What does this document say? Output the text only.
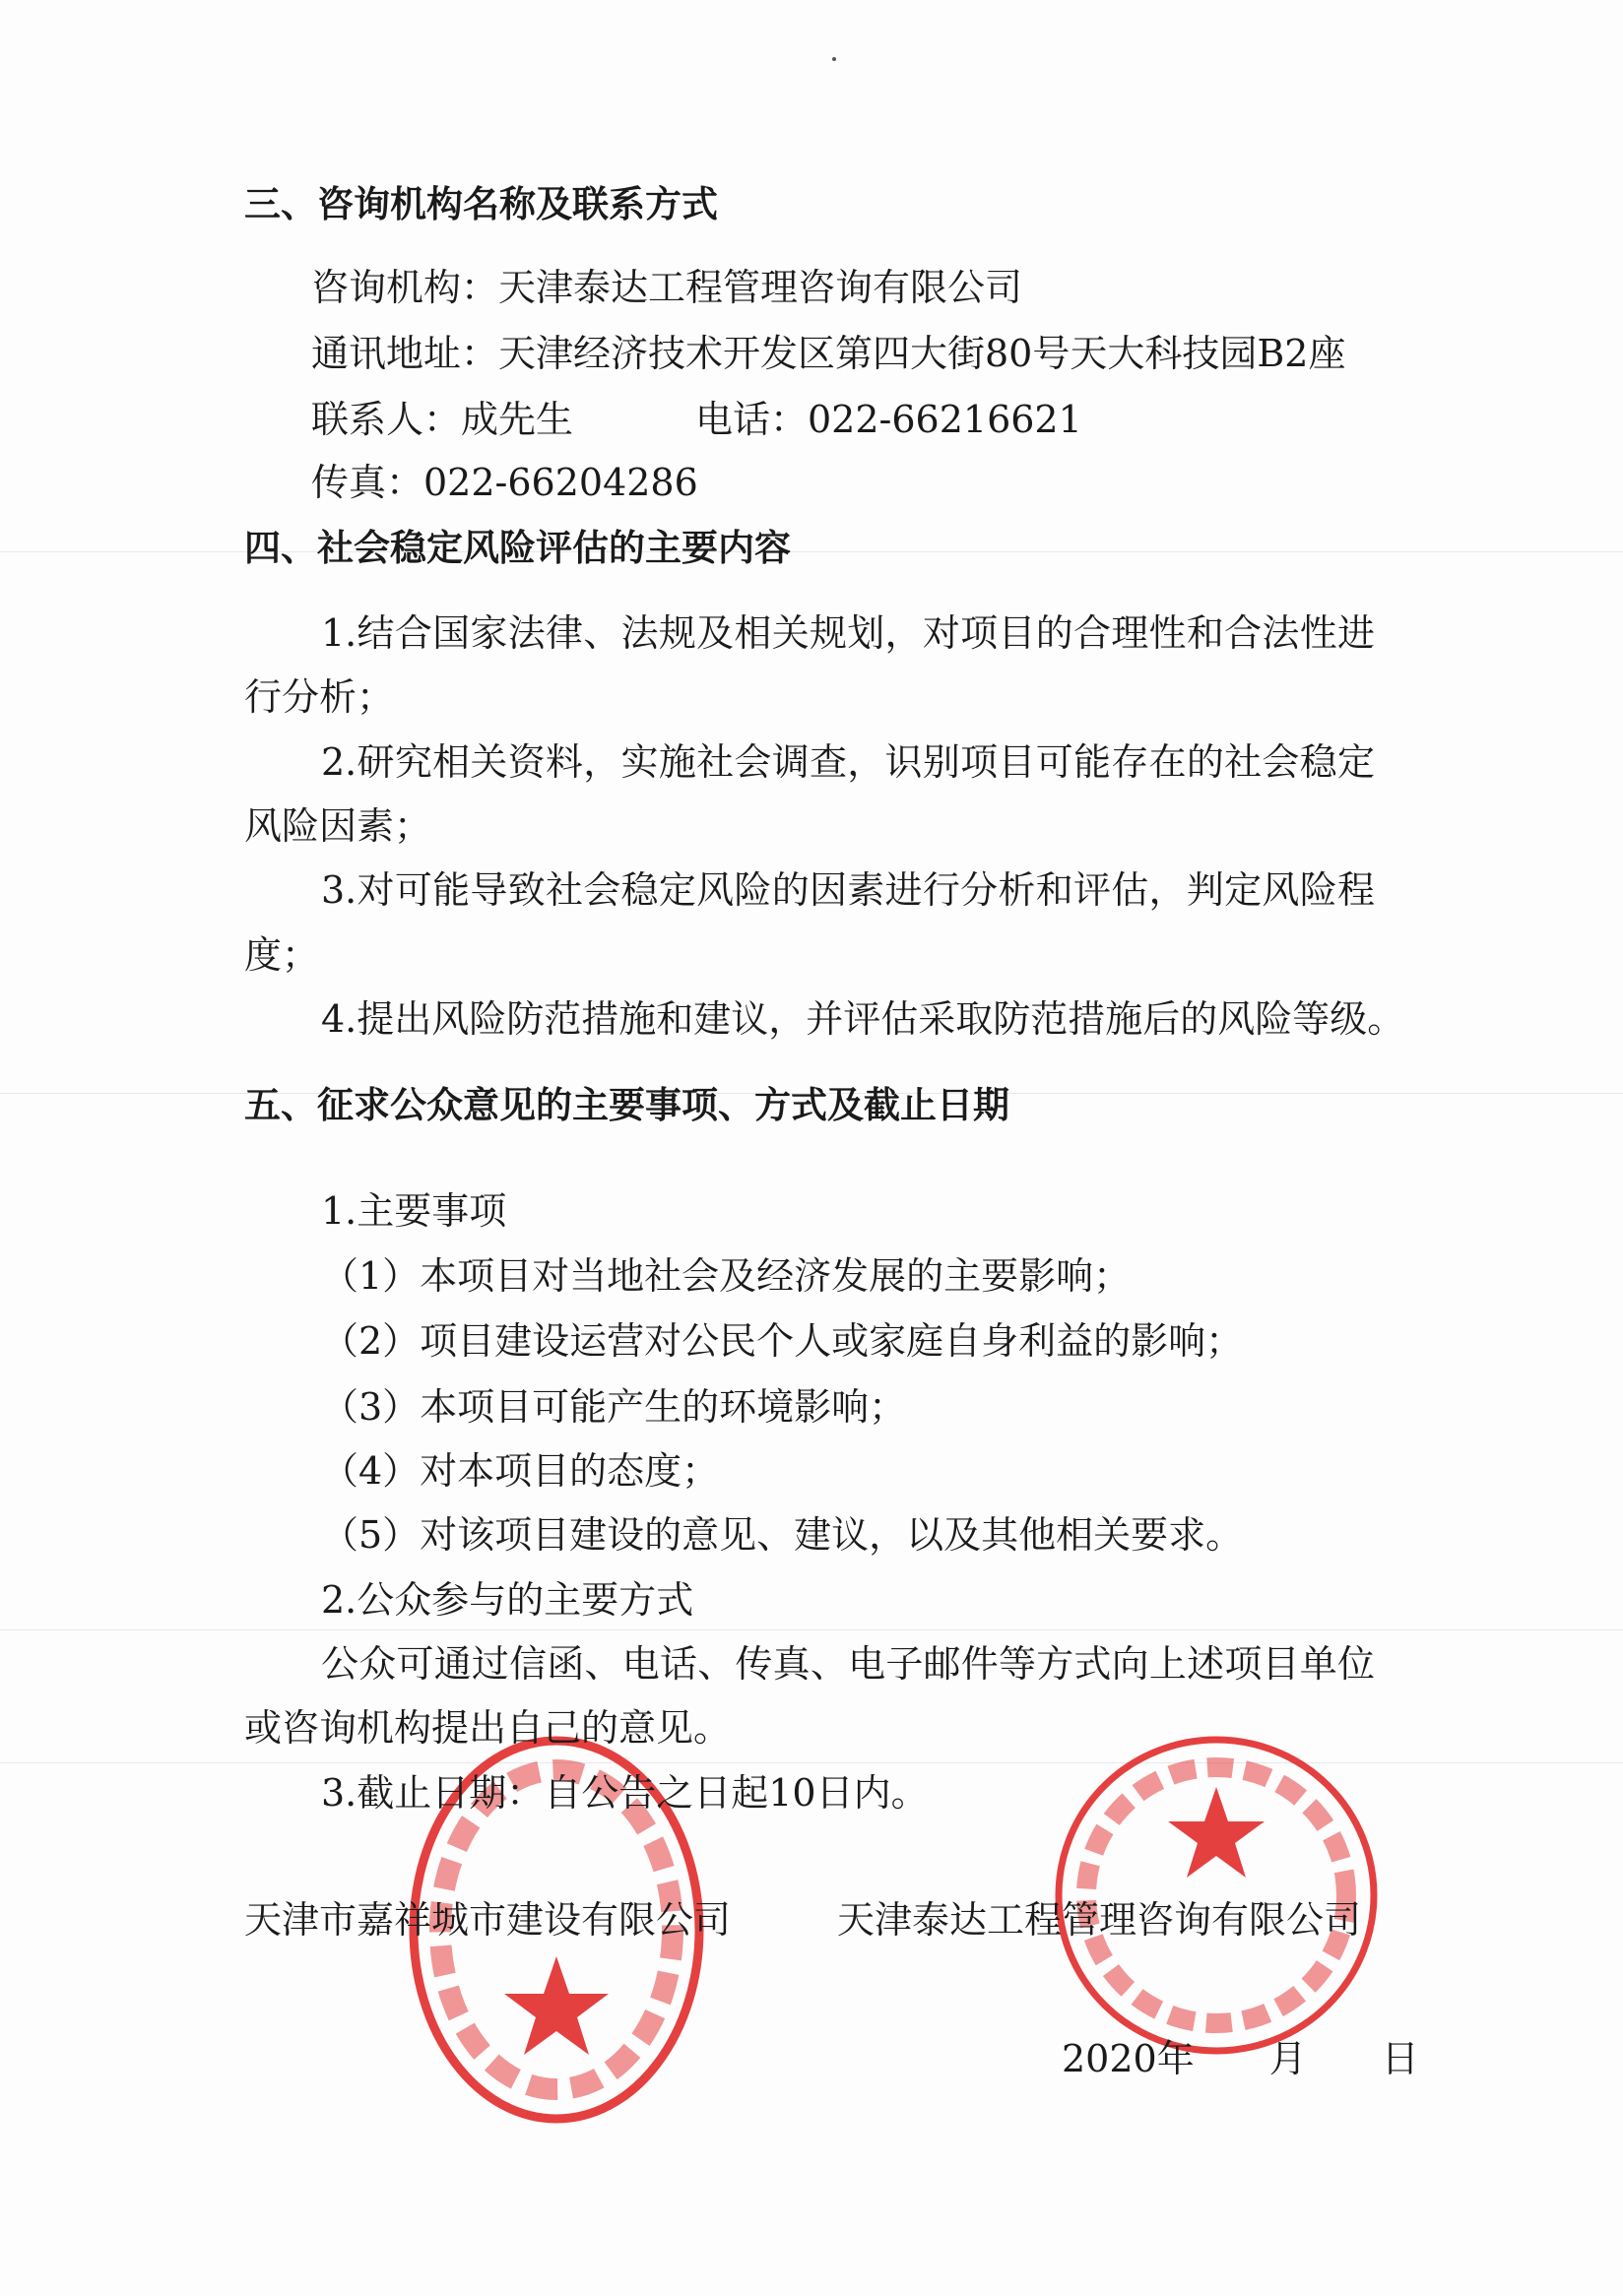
三、咨询机构名称及联系方式
咨询机构：天津泰达工程管理咨询有限公司
通讯地址：天津经济技术开发区第四大街80号天大科技园B2座
联系人：成先生	电话：022-66216621
传真：022-66204286
四、社会稳定风险评估的主要内容
1.结合国家法律、法规及相关规划，对项目的合理性和合法性进
行分析；
2.研究相关资料，实施社会调查，识别项目可能存在的社会稳定
风险因素；
3.对可能导致社会稳定风险的因素进行分析和评估，判定风险程
度；
4.提出风险防范措施和建议，并评估采取防范措施后的风险等级。
五、征求公众意见的主要事项、方式及截止日期
1.主要事项
（1）本项目对当地社会及经济发展的主要影响；
（2）项目建设运营对公民个人或家庭自身利益的影响；
（3）本项目可能产生的环境影响；
（4）对本项目的态度；
（5）对该项目建设的意见、建议，以及其他相关要求。
2.公众参与的主要方式
公众可通过信函、电话、传真、电子邮件等方式向上述项目单位
或咨询机构提出自己的意见。
3.截止日期：自公告之日起10日内。
天津市嘉祥城市建设有限公司	天津泰达工程管理咨询有限公司
2020年　　月　　日
